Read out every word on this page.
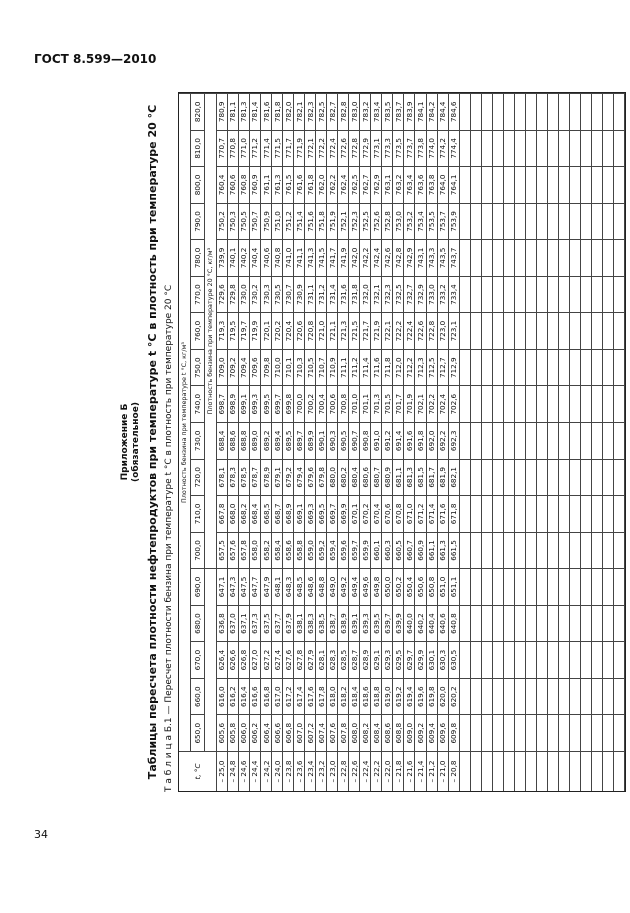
ГОСТ 8.599—2010
Приложение Б (обязательное) Таблицы пересчета плотности нефтепродуктов при температуре t °C в плотность при температуре 20 °C Т а б л и ц а Б.1 — Пересчет плотности бензина при температуре t °С в плотность при температуре 20 °С	t, °C
Плотность бензина при температуре t °С, кг/м³
650,0
660,0
670,0
680,0
690,0
700,0
710,0
720,0
730,0
740,0
750,0
760,0
770,0
780,0
790,0
800,0
810,0
820,0
Плотность бензина при температуре 20 °С, кг/м³
– 25,0
605,6
616,0
626,4
636,8
647,1
657,5
667,8
678,1
688,4
698,7
709,0
719,3
729,6
739,9
750,2
760,4
770,7
780,9
– 24,8
605,8
616,2
626,6
637,0
647,3
657,6
668,0
678,3
688,6
698,9
709,2
719,5
729,8
740,1
750,3
760,6
770,8
781,1
– 24,6
606,0
616,4
626,8
637,1
647,5
657,8
668,2
678,5
688,8
699,1
709,4
719,7
730,0
740,2
750,5
760,8
771,0
781,3
– 24,4
606,2
616,6
627,0
637,3
647,7
658,0
668,4
678,7
689,0
699,3
709,6
719,9
730,2
740,4
750,7
760,9
771,2
781,4
– 24,2
606,4
616,8
627,2
637,5
647,9
658,2
668,5
678,9
689,2
699,5
709,8
720,1
730,3
740,6
750,9
761,1
771,4
781,6
– 24,0
606,6
617,0
627,4
637,7
648,1
658,4
668,7
679,1
689,4
699,7
710,0
720,2
730,5
740,8
751,0
761,3
771,5
781,8
– 23,8
606,8
617,2
627,6
637,9
648,3
658,6
668,9
679,2
689,5
699,8
710,1
720,4
730,7
741,0
751,2
761,5
771,7
782,0
– 23,6
607,0
617,4
627,8
638,1
648,5
658,8
669,1
679,4
689,7
700,0
710,3
720,6
730,9
741,1
751,4
761,6
771,9
782,1
– 23,4
607,2
617,6
627,9
638,3
648,6
659,0
669,3
679,6
689,9
700,2
710,5
720,8
731,1
741,3
751,6
761,8
772,1
782,3
– 23,2
607,4
617,8
628,1
638,5
648,8
659,2
669,5
679,8
690,1
700,4
710,7
721,0
731,2
741,5
751,8
762,0
772,2
782,5
– 23,0
607,6
618,0
628,3
638,7
649,0
659,4
669,7
680,0
690,3
700,6
710,9
721,1
731,4
741,7
751,9
762,2
772,4
782,7
– 22,8
607,8
618,2
628,5
638,9
649,2
659,6
669,9
680,2
690,5
700,8
711,1
721,3
731,6
741,9
752,1
762,4
772,6
782,8
– 22,6
608,0
618,4
628,7
639,1
649,4
659,7
670,1
680,4
690,7
701,0
711,2
721,5
731,8
742,0
752,3
762,5
772,8
783,0
– 22,4
608,2
618,6
628,9
639,3
649,6
659,9
670,2
680,6
690,8
701,1
711,4
721,7
732,0
742,2
752,5
762,7
772,9
783,2
– 22,2
608,4
618,8
629,1
639,5
649,8
660,1
670,4
680,7
691,0
701,3
711,6
721,9
732,1
742,4
752,6
762,9
773,1
783,4
– 22,0
608,6
619,0
629,3
639,7
650,0
660,3
670,6
680,9
691,2
701,5
711,8
722,1
732,3
742,6
752,8
763,1
773,3
783,5
– 21,8
608,8
619,2
629,5
639,9
650,2
660,5
670,8
681,1
691,4
701,7
712,0
722,2
732,5
742,8
753,0
763,2
773,5
783,7
– 21,6
609,0
619,4
629,7
640,0
650,4
660,7
671,0
681,3
691,6
701,9
712,2
722,4
732,7
742,9
753,2
763,4
773,7
783,9
– 21,4
609,2
619,6
629,9
640,2
650,6
660,9
671,2
681,5
691,8
702,1
712,3
722,6
732,9
743,1
753,4
763,6
773,8
784,1
– 21,2
609,4
619,8
630,1
640,4
650,8
661,1
671,4
681,7
692,0
702,2
712,5
722,8
733,0
743,3
753,5
763,8
774,0
784,2
– 21,0
609,6
620,0
630,3
640,6
651,0
661,3
671,6
681,9
692,2
702,4
712,7
723,0
733,2
743,5
753,7
764,0
774,2
784,4
– 20,8
609,8
620,2
630,5
640,8
651,1
661,5
671,8
682,1
692,3
702,6
712,9
723,1
733,4
743,7
753,9
764,1
774,4
784,6
34
